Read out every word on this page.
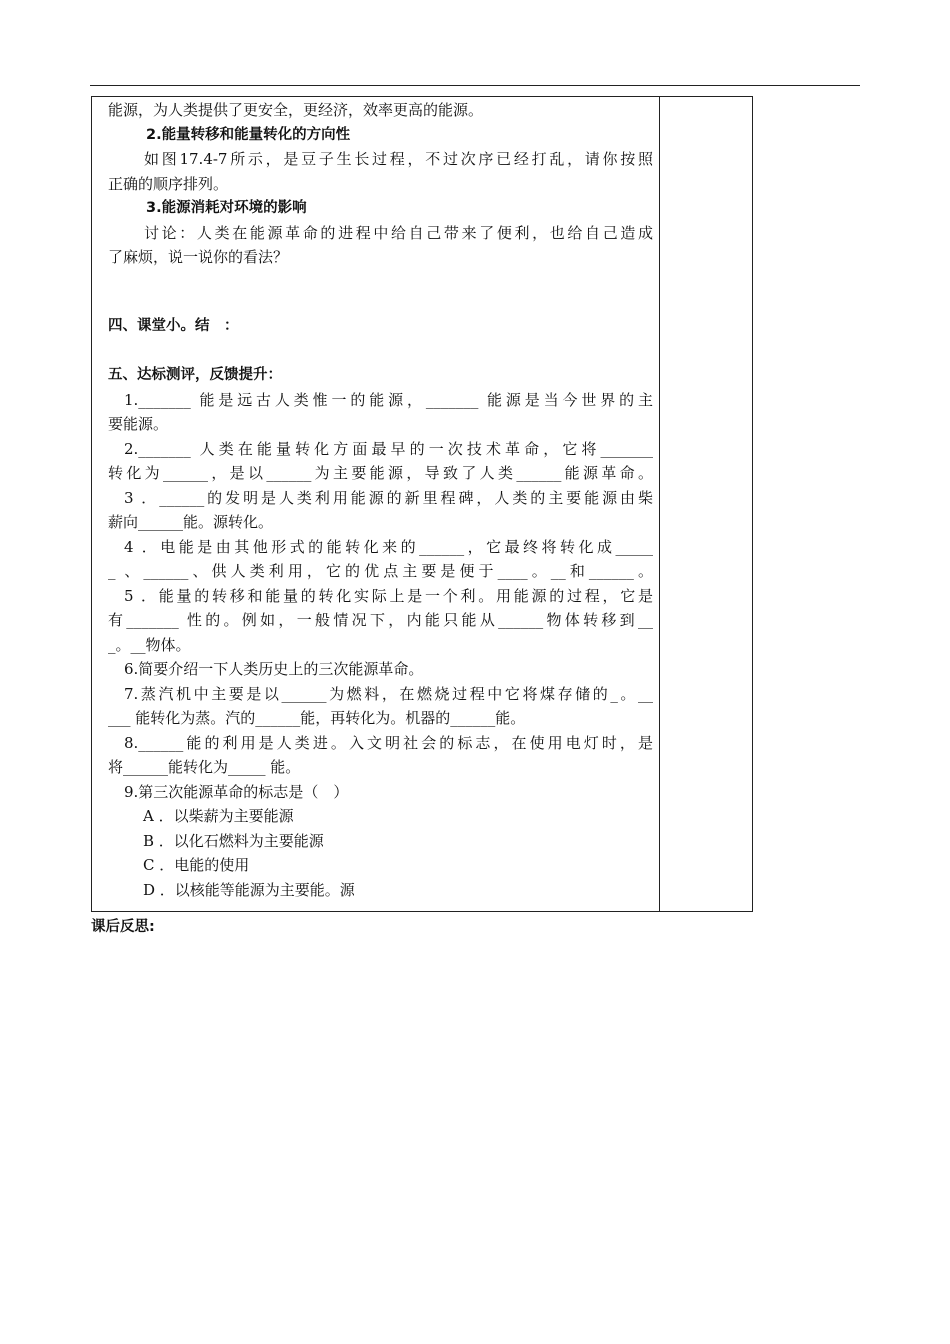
能源，为人类提供了更安全，更经济，效率更高的能源。
2.能量转移和能量转化的方向性
如图17.4-7所示，是豆子生长过程，不过次序已经打乱，请你按照
正确的顺序排列。
3.能源消耗对环境的影响
讨论：人类在能源革命的进程中给自己带来了便利，也给自己造成
了麻烦，说一说你的看法？
四、课堂小。结　：
五、达标测评，反馈提升：
1._______ 能是远古人类惟一的能源，_______ 能源是当今世界的主
要能源。
2._______ 人类在能量转化方面最早的一次技术革命，它将_______
转化为______，是以______为主要能源，导致了人类______能源革命。
3 ．______的发明是人类利用能源的新里程碑，人类的主要能源由柴
薪向______能。源转化。
4 ．电能是由其他形式的能转化来的______，它最终将转化成_____
_ 、______、供人类利用，它的优点主要是便于____。__和______。
5 ．能量的转移和能量的转化实际上是一个利。用能源的过程，它是
有_______ 性的。例如，一般情况下，内能只能从______物体转移到__
_。__物体。
6.简要介绍一下人类历史上的三次能源革命。
7.蒸汽机中主要是以______为燃料，在燃烧过程中它将煤存储的_。__
___ 能转化为蒸。汽的______能，再转化为。机器的______能。
8.______能的利用是人类进。入文明社会的标志，在使用电灯时，是
将______能转化为_____ 能。
9.第三次能源革命的标志是（　）
A ．以柴薪为主要能源
B ．以化石燃料为主要能源
C ．电能的使用
D ．以核能等能源为主要能。源
课后反思:
